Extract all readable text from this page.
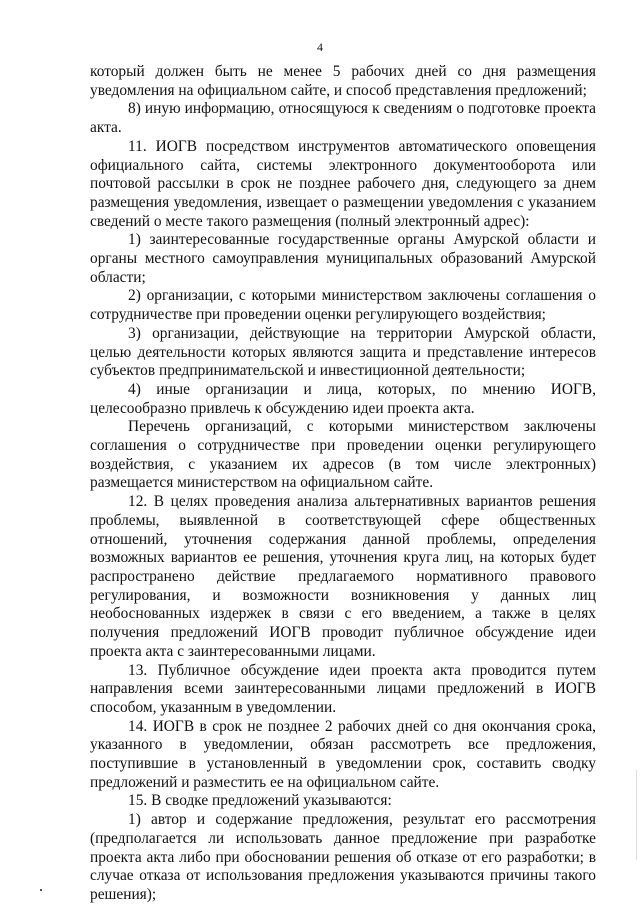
4

который должен быть не менее 5 рабочих дней со дня размещения уведомления на официальном сайте, и способ представления предложений;

8) иную информацию, относящуюся к сведениям о подготовке проекта акта.

11. ИОГВ посредством инструментов автоматического оповещения официального сайта, системы электронного документооборота или почтовой рассылки в срок не позднее рабочего дня, следующего за днем размещения уведомления, извещает о размещении уведомления с указанием сведений о месте такого размещения (полный электронный адрес):

1) заинтересованные государственные органы Амурской области и органы местного самоуправления муниципальных образований Амурской области;

2) организации, с которыми министерством заключены соглашения о сотрудничестве при проведении оценки регулирующего воздействия;

3) организации, действующие на территории Амурской области, целью деятельности которых являются защита и представление интересов субъектов предпринимательской и инвестиционной деятельности;

4) иные организации и лица, которых, по мнению ИОГВ, целесообразно привлечь к обсуждению идеи проекта акта.

Перечень организаций, с которыми министерством заключены соглашения о сотрудничестве при проведении оценки регулирующего воздействия, с указанием их адресов (в том числе электронных) размещается министерством на официальном сайте.

12. В целях проведения анализа альтернативных вариантов решения проблемы, выявленной в соответствующей сфере общественных отношений, уточнения содержания данной проблемы, определения возможных вариантов ее решения, уточнения круга лиц, на которых будет распространено действие предлагаемого нормативного правового регулирования, и возможности возникновения у данных лиц необоснованных издержек в связи с его введением, а также в целях получения предложений ИОГВ проводит публичное обсуждение идеи проекта акта с заинтересованными лицами.

13. Публичное обсуждение идеи проекта акта проводится путем направления всеми заинтересованными лицами предложений в ИОГВ способом, указанным в уведомлении.

14. ИОГВ в срок не позднее 2 рабочих дней со дня окончания срока, указанного в уведомлении, обязан рассмотреть все предложения, поступившие в установленный в уведомлении срок, составить сводку предложений и разместить ее на официальном сайте.

15. В сводке предложений указываются:

1) автор и содержание предложения, результат его рассмотрения (предполагается ли использовать данное предложение при разработке проекта акта либо при обосновании решения об отказе от его разработки; в случае отказа от использования предложения указываются причины такого решения);
